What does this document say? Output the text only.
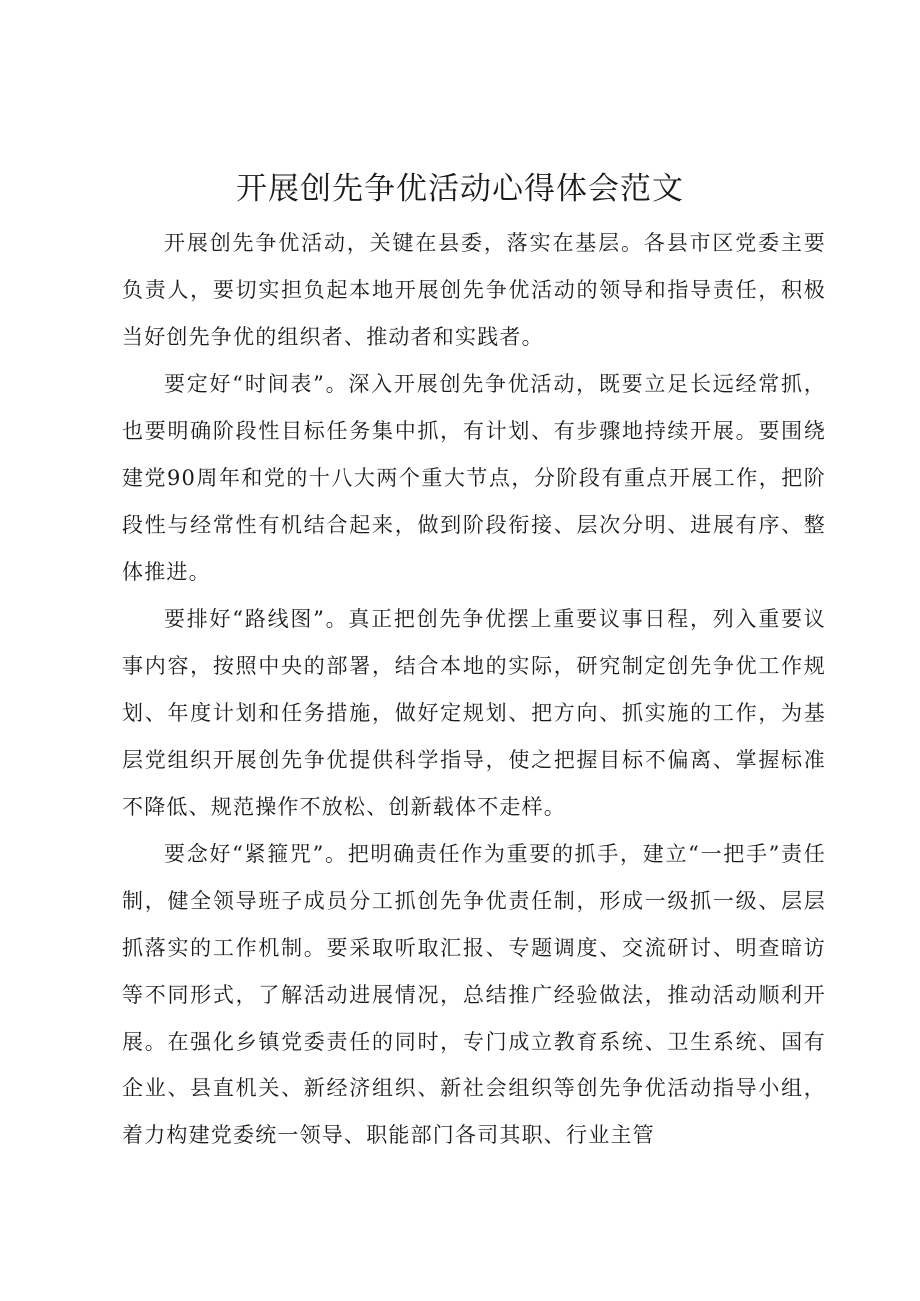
开展创先争优活动心得体会范文

开展创先争优活动，关键在县委，落实在基层。各县市区党委主要负责人，要切实担负起本地开展创先争优活动的领导和指导责任，积极当好创先争优的组织者、推动者和实践者。

要定好“时间表”。深入开展创先争优活动，既要立足长远经常抓，也要明确阶段性目标任务集中抓，有计划、有步骤地持续开展。要围绕建党90周年和党的十八大两个重大节点，分阶段有重点开展工作，把阶段性与经常性有机结合起来，做到阶段衔接、层次分明、进展有序、整体推进。

要排好“路线图”。真正把创先争优摆上重要议事日程，列入重要议事内容，按照中央的部署，结合本地的实际，研究制定创先争优工作规划、年度计划和任务措施，做好定规划、把方向、抓实施的工作，为基层党组织开展创先争优提供科学指导，使之把握目标不偏离、掌握标准不降低、规范操作不放松、创新载体不走样。

要念好“紧箍咒”。把明确责任作为重要的抓手，建立“一把手”责任制，健全领导班子成员分工抓创先争优责任制，形成一级抓一级、层层抓落实的工作机制。要采取听取汇报、专题调度、交流研讨、明查暗访等不同形式，了解活动进展情况，总结推广经验做法，推动活动顺利开展。在强化乡镇党委责任的同时，专门成立教育系统、卫生系统、国有企业、县直机关、新经济组织、新社会组织等创先争优活动指导小组，着力构建党委统一领导、职能部门各司其职、行业主管
